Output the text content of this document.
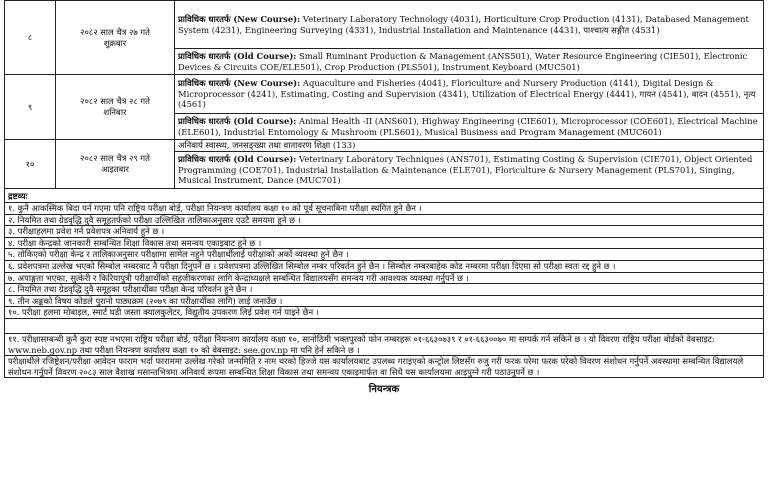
८	२०८२ साल चैत्र २७ गते
शुक्रबार	प्राविधिक धारतर्फ (New Course): Veterinary Laboratory Technology (4031), Horticulture Crop Production (4131), Databased Management System (4231), Engineering Surveying (4331), Industrial Installation and Maintenance (4431), पाश्चात्य सङ्गीत (4531)
		प्राविधिक धारतर्फ (Old Course): Small Ruminant Production & Management (ANS501), Water Resource Engineering (CIE501), Electronic Devices & Circuits COE/ELE501), Crop Production (PLS501), Instrument Keyboard (MUC501)
९	२०८२ साल चैत्र २८ गते
शनिबार	प्राविधिक धारतर्फ (New Course): Aquaculture and Fisheries (4041), Floriculture and Nursery Production (4141), Digital Design & Microprocessor (4241), Estimating, Costing and Supervision (4341), Utilization of Electrical Energy (4441), गायन (4541), बादन (4551), नृत्य (4561)
		प्राविधिक धारतर्फ (Old Course): Animal Health -II (ANS601), Highway Engineering (CIE601), Microprocessor (COE601), Electrical Machine (ELE601), Industrial Entomology & Mushroom (PLS601), Musical Business and Program Management (MUC601)
१०	२०८२ साल चैत्र २९ गते
आइतबार	अनिवार्य स्वास्थ्य, जनसङ्ख्या तथा वातावरण शिक्षा (133)
		प्राविधिक धारतर्फ (Old Course): Veterinary Laboratory Techniques (ANS701), Estimating Costing & Supervision (CIE701), Object Oriented Programming (COE701), Industrial Installation & Maintenance (ELE701), Floriculture & Nursery Management (PLS701), Singing, Musical Instrument, Dance (MUC701)
द्रष्टव्यः
१. कुनै आकस्मिक बिदा पर्न गएमा पनि राष्ट्रिय परीक्षा बोर्ड, परीक्षा नियन्त्रण कार्यालय कक्षा १० को पूर्व सूचनाबिना परीक्षा स्थगित हुने छैन ।
२. नियमित तथा ग्रेडवृद्धि दुवै समूहतर्फको परीक्षा उल्लिखित तालिकाअनुसार एउटै समयमा हुने छ ।
३. परीक्षाहलमा प्रवेश गर्न प्रवेशपत्र अनिवार्य हुने छ ।
४. परीक्षा केन्द्रको जानकारी सम्बन्धित शिक्षा विकास तथा समन्वय एकाइबाट हुने छ ।
५. तोकिएको परीक्षा केन्द्र र तालिकाअनुसार परीक्षामा सामेल नहुने परीक्षार्थीलाई परीक्षाको अर्को व्यवस्था हुने छैन ।
६. प्रवेशपत्रमा उल्लेख भएको सिम्बोल नम्बरबाट नै परीक्षा दिनुपर्ने छ । प्रवेशपत्रमा उल्लिखित सिम्बोल नम्बर परिवर्तन हुने छैन । सिम्बोल नम्बरबाहेक कोड नम्बरमा परीक्षा दिएमा सो परीक्षा स्वतः रद्द हुने छ ।
७. अपाङ्गता भएका, सुत्केरी र किरियापुत्री परीक्षार्थीको सहजीकरणका लागि केन्द्राध्यक्षले सम्बन्धित विद्यालयसँग समन्वय गरी आवश्यक व्यवस्था गर्नुपर्ने छ ।
८. नियमित तथा ग्रेडवृद्धि दुवै समूहका परीक्षार्थीका परीक्षा केन्द्र परिवर्तन हुने छैन ।
९. तीन अङ्कको विषय कोडले पुरानो पाठ्यक्रम (२०७९ का परीक्षार्थीका लागि) लाई जनाउँछ ।
१०. परीक्षा हलमा मोबाइल, स्मार्ट घडी जस्ता क्यालकुलेटर, विद्युतीय उपकरण लिई प्रवेश गर्न पाइने छैन ।
११. परीक्षासम्बन्धी कुनै कुरा स्पष्ट नभएमा राष्ट्रिय परीक्षा बोर्ड, परीक्षा नियन्त्रण कार्यालय कक्षा १०, सानोठिमी भक्तपुरको फोन नम्बरहरू ०१-६६३०७३९ र ०१-६६३००७० मा सम्पर्क गर्न सकिने छ । यो विवरण राष्ट्रिय परीक्षा बोर्डको वेबसाइट: www.neb.gov.np तथा परीक्षा नियन्त्रण कार्यालय कक्षा १० को वेबसाइट: see.gov.np मा पनि हेर्न सकिने छ ।
परीक्षार्थीले रजिष्ट्रेशन/परीक्षा आवेदन फाराम भर्दा फाराममा उल्लेख गरेको जन्ममिति र नाम थरको हिज्जे यस कार्यालयबाट उपलब्ध गराइएको कन्ट्रोल लिष्टसँग रुजु गरी फरक परेमा फरक परेको विवरण संशोधन गर्नुपर्ने अवस्थामा सम्बन्धित विद्यालयले संशोधन गर्नुपर्ने विवरण २०८३ साल वैशाख मसान्तभित्रमा अनिवार्य रूपमा सम्बन्धित शिक्षा विकास तथा समन्वय एकाइमार्फत वा सिधै यस कार्यालयमा आइपुग्ने गरी पठाउनुपर्ने छ ।
नियन्त्रक
